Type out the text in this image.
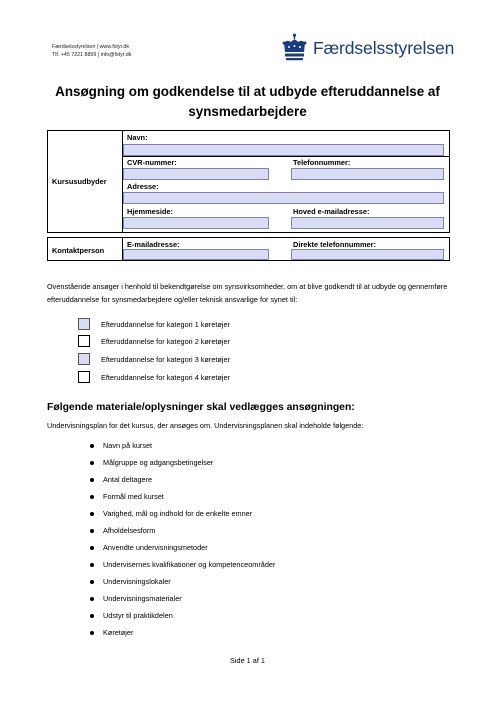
Færdselsstyrelsen | www.fstyr.dk
Tlf. +45 7221 8899 | info@fstyr.dk	Færdselsstyrelsen
Ansøgning om godkendelse til at udbyde efteruddannelse af
synsmedarbejdere
Kursusudbyder
Navn:
CVR-nummer:	Telefonnummer:
Adresse:
Hjemmeside:	Hoved e-mailadresse:
Kontaktperson
E-mailadresse:	Direkte telefonnummer:
Ovenstående ansøger i henhold til bekendtgørelse om synsvirksomheder, om at blive godkendt til at udbyde og gennemføre efteruddannelse for synsmedarbejdere og/eller teknisk ansvarlige for synet til:
Efteruddannelse for kategori 1 køretøjer
Efteruddannelse for kategori 2 køretøjer
Efteruddannelse for kategori 3 køretøjer
Efteruddannelse for kategori 4 køretøjer
Følgende materiale/oplysninger skal vedlægges ansøgningen:
Undervisningsplan for det kursus, der ansøges om. Undervisningsplanen skal indeholde følgende:
Navn på kurset
Målgruppe og adgangsbetingelser
Antal deltagere
Formål med kurset
Varighed, mål og indhold for de enkelte emner
Afholdelsesform
Anvendte undervisningsmetoder
Undervisernes kvalifikationer og kompetenceområder
Undervisningslokaler
Undervisningsmaterialer
Udstyr til praktikdelen
Køretøjer
Side 1 af 1
